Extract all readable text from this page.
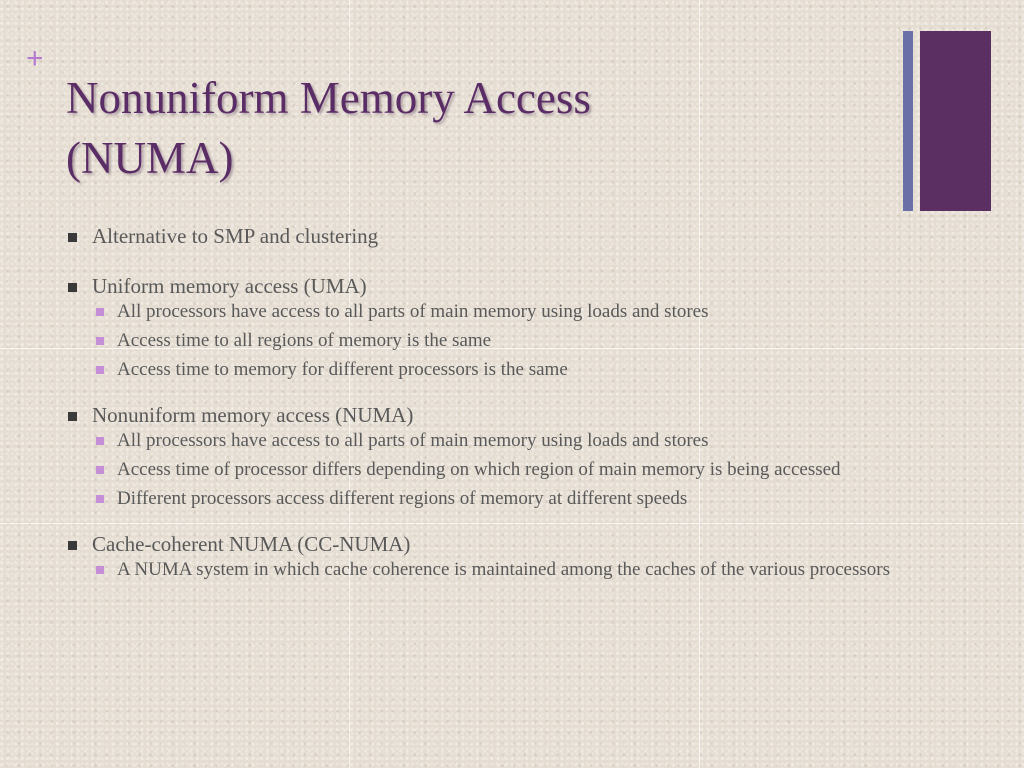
+
Nonuniform Memory Access
(NUMA)
Alternative to SMP and clustering
Uniform memory access (UMA)
All processors have access to all parts of main memory using loads and stores
Access time to all regions of memory is the same
Access time to memory for different processors is the same
Nonuniform memory access (NUMA)
All processors have access to all parts of main memory using loads and stores
Access time of processor differs depending on which region of main memory is being accessed
Different processors access different regions of memory at different speeds
Cache-coherent NUMA (CC-NUMA)
A NUMA system in which cache coherence is maintained among the caches of the various processors
